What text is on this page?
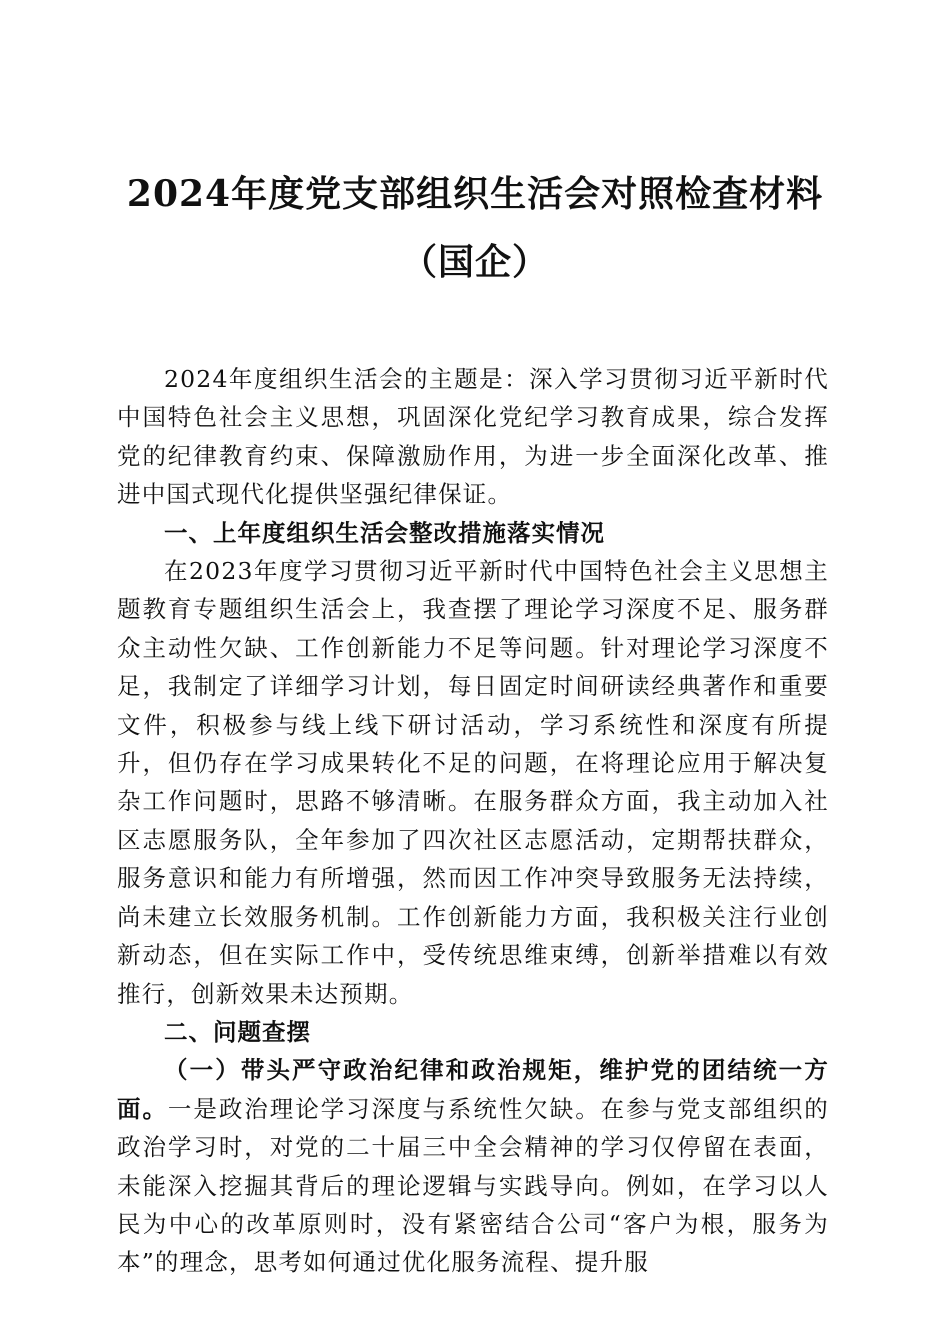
2024年度党支部组织生活会对照检查材料
（国企）

2024年度组织生活会的主题是：深入学习贯彻习近平新时代中国特色社会主义思想，巩固深化党纪学习教育成果，综合发挥党的纪律教育约束、保障激励作用，为进一步全面深化改革、推进中国式现代化提供坚强纪律保证。

一、上年度组织生活会整改措施落实情况

在2023年度学习贯彻习近平新时代中国特色社会主义思想主题教育专题组织生活会上，我查摆了理论学习深度不足、服务群众主动性欠缺、工作创新能力不足等问题。针对理论学习深度不足，我制定了详细学习计划，每日固定时间研读经典著作和重要文件，积极参与线上线下研讨活动，学习系统性和深度有所提升，但仍存在学习成果转化不足的问题，在将理论应用于解决复杂工作问题时，思路不够清晰。在服务群众方面，我主动加入社区志愿服务队，全年参加了四次社区志愿活动，定期帮扶群众，服务意识和能力有所增强，然而因工作冲突导致服务无法持续，尚未建立长效服务机制。工作创新能力方面，我积极关注行业创新动态，但在实际工作中，受传统思维束缚，创新举措难以有效推行，创新效果未达预期。

二、问题查摆

（一）带头严守政治纪律和政治规矩，维护党的团结统一方面。一是政治理论学习深度与系统性欠缺。在参与党支部组织的政治学习时，对党的二十届三中全会精神的学习仅停留在表面，未能深入挖掘其背后的理论逻辑与实践导向。例如，在学习以人民为中心的改革原则时，没有紧密结合公司“客户为根，服务为本”的理念，思考如何通过优化服务流程、提升服
